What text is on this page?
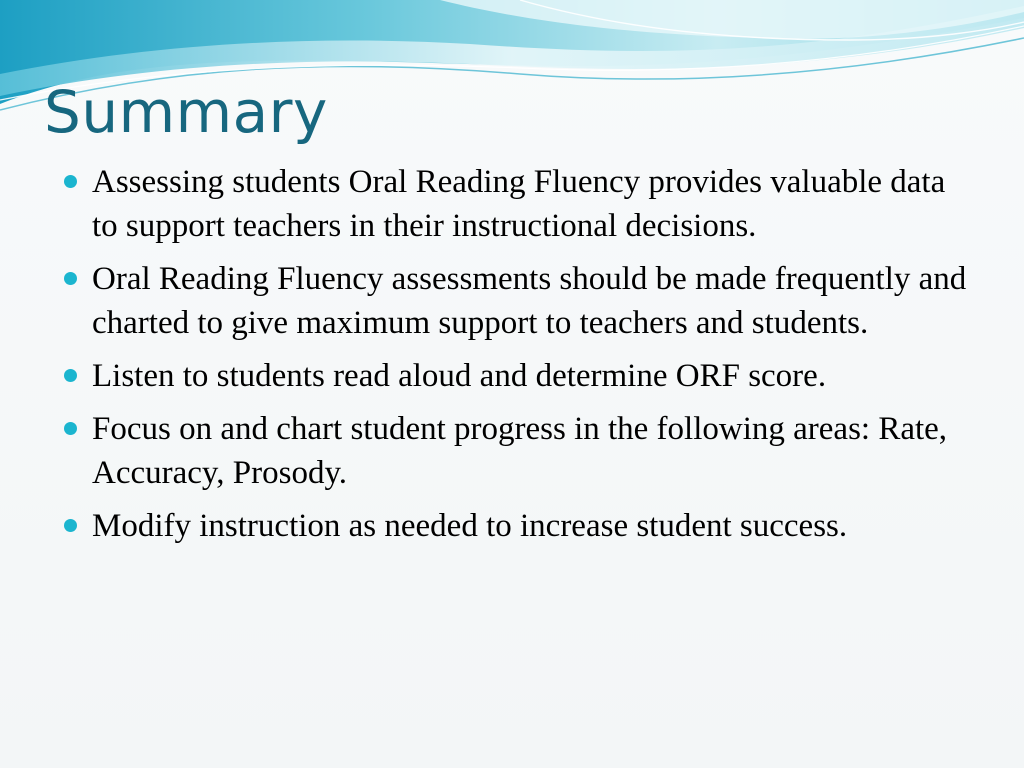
Summary
Assessing students Oral Reading Fluency provides valuable data to support teachers in their instructional decisions.
Oral Reading Fluency assessments should be made frequently and charted to give maximum support to teachers and students.
Listen to students read aloud and determine ORF score.
Focus on and chart student progress in the following areas: Rate, Accuracy, Prosody.
Modify instruction as needed to increase student success.
